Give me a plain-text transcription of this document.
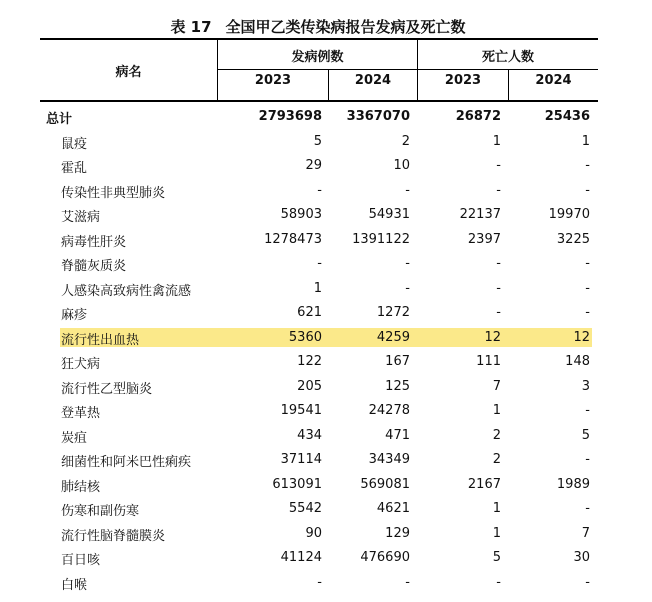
表 17 全国甲乙类传染病报告发病及死亡数
病名
发病例数	死亡人数
2023	2024	2023	2024
总计	2793698	3367070	26872	25436
鼠疫	5	2	1	1
霍乱	29	10	-	-
传染性非典型肺炎	-	-	-	-
艾滋病	58903	54931	22137	19970
病毒性肝炎	1278473	1391122	2397	3225
脊髓灰质炎	-	-	-	-
人感染高致病性禽流感	1	-	-	-
麻疹	621	1272	-	-
流行性出血热	5360	4259	12	12
狂犬病	122	167	111	148
流行性乙型脑炎	205	125	7	3
登革热	19541	24278	1	-
炭疽	434	471	2	5
细菌性和阿米巴性痢疾	37114	34349	2	-
肺结核	613091	569081	2167	1989
伤寒和副伤寒	5542	4621	1	-
流行性脑脊髓膜炎	90	129	1	7
百日咳	41124	476690	5	30
白喉	-	-	-	-
